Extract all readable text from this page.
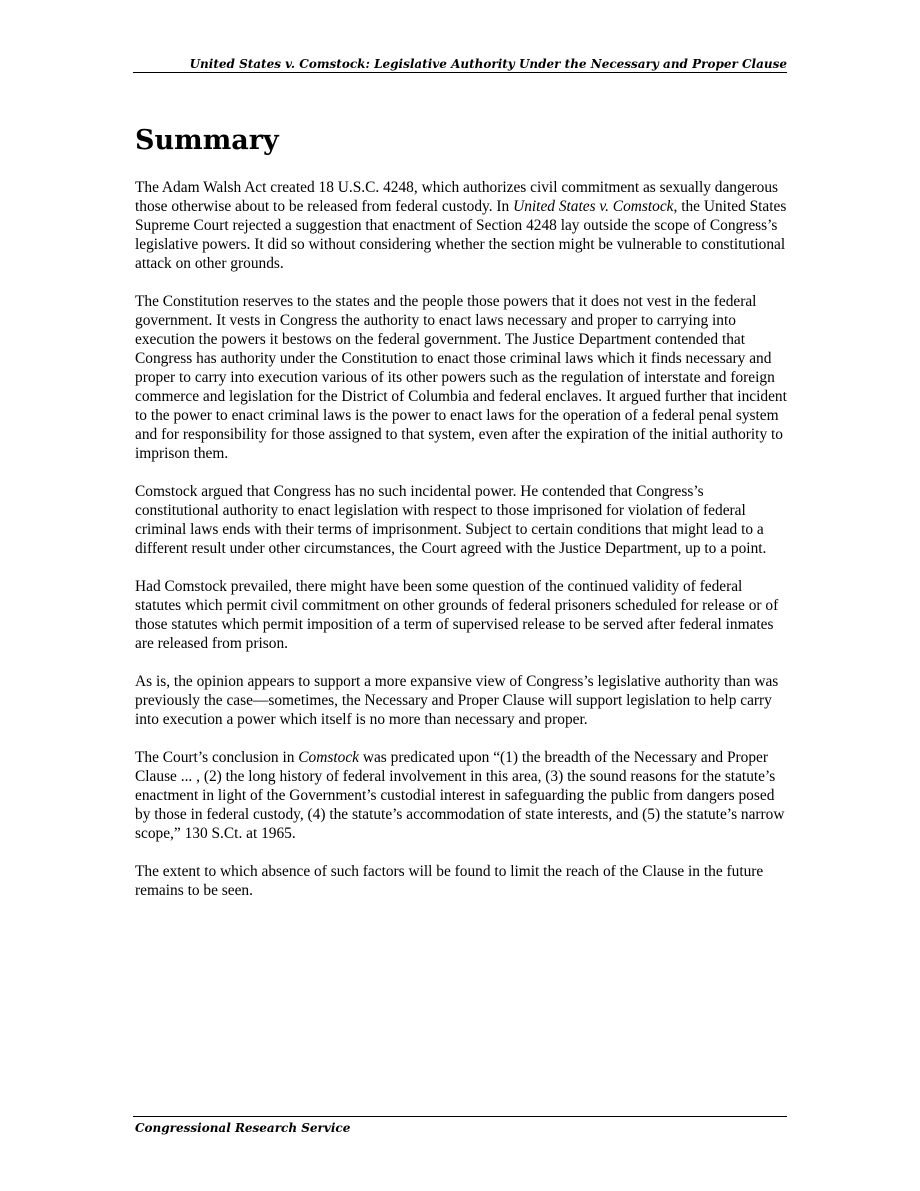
United States v. Comstock: Legislative Authority Under the Necessary and Proper Clause
Summary

The Adam Walsh Act created 18 U.S.C. 4248, which authorizes civil commitment as sexually dangerous those otherwise about to be released from federal custody. In United States v. Comstock, the United States Supreme Court rejected a suggestion that enactment of Section 4248 lay outside the scope of Congress’s legislative powers. It did so without considering whether the section might be vulnerable to constitutional attack on other grounds.

The Constitution reserves to the states and the people those powers that it does not vest in the federal government. It vests in Congress the authority to enact laws necessary and proper to carrying into execution the powers it bestows on the federal government. The Justice Department contended that Congress has authority under the Constitution to enact those criminal laws which it finds necessary and proper to carry into execution various of its other powers such as the regulation of interstate and foreign commerce and legislation for the District of Columbia and federal enclaves. It argued further that incident to the power to enact criminal laws is the power to enact laws for the operation of a federal penal system and for responsibility for those assigned to that system, even after the expiration of the initial authority to imprison them.

Comstock argued that Congress has no such incidental power. He contended that Congress’s constitutional authority to enact legislation with respect to those imprisoned for violation of federal criminal laws ends with their terms of imprisonment. Subject to certain conditions that might lead to a different result under other circumstances, the Court agreed with the Justice Department, up to a point.

Had Comstock prevailed, there might have been some question of the continued validity of federal statutes which permit civil commitment on other grounds of federal prisoners scheduled for release or of those statutes which permit imposition of a term of supervised release to be served after federal inmates are released from prison.

As is, the opinion appears to support a more expansive view of Congress’s legislative authority than was previously the case—sometimes, the Necessary and Proper Clause will support legislation to help carry into execution a power which itself is no more than necessary and proper.

The Court’s conclusion in Comstock was predicated upon “(1) the breadth of the Necessary and Proper Clause ... , (2) the long history of federal involvement in this area, (3) the sound reasons for the statute’s enactment in light of the Government’s custodial interest in safeguarding the public from dangers posed by those in federal custody, (4) the statute’s accommodation of state interests, and (5) the statute’s narrow scope,” 130 S.Ct. at 1965.

The extent to which absence of such factors will be found to limit the reach of the Clause in the future remains to be seen.

Congressional Research Service
